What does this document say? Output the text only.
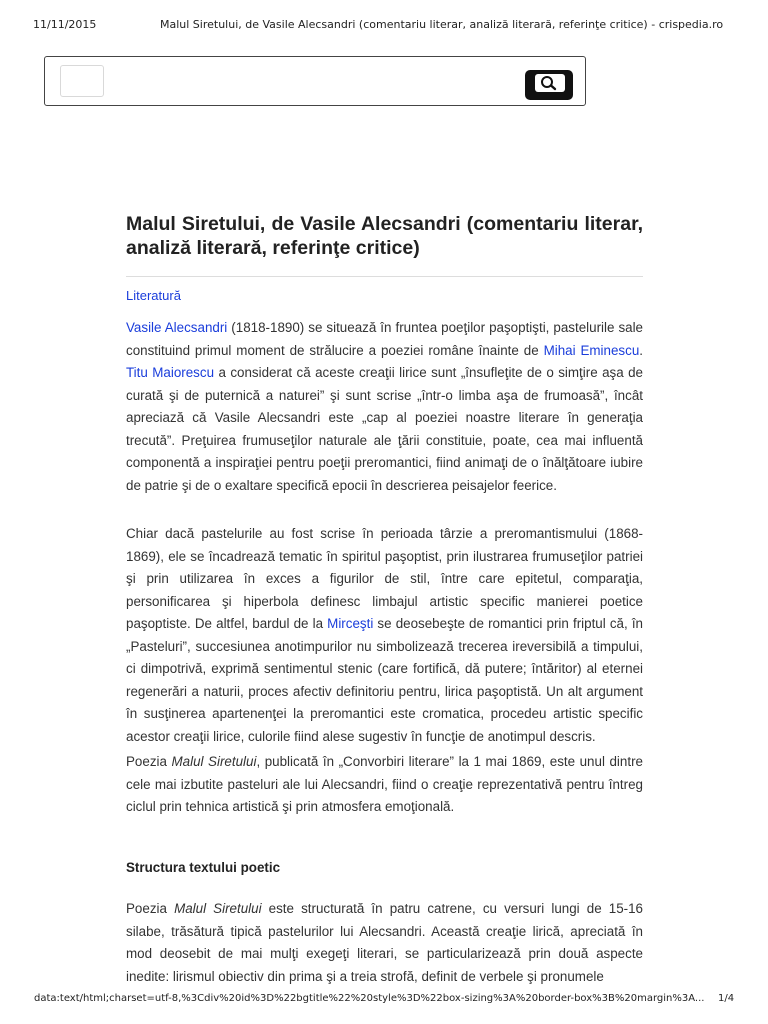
11/11/2015	Malul Siretului, de Vasile Alecsandri (comentariu literar, analiză literară, referinţe critice) - crispedia.ro
Malul Siretului, de Vasile Alecsandri (comentariu literar, analiză literară, referinţe critice)
Literatură

Vasile Alecsandri (1818-1890) se situează în fruntea poeţilor paşoptişti, pastelurile sale constituind primul moment de strălucire a poeziei române înainte de Mihai Eminescu. Titu Maiorescu a considerat că aceste creaţii lirice sunt „însufleţite de o simţire aşa de curată şi de puternică a naturei” şi sunt scrise „într-o limba aşa de frumoasă”, încât apreciază că Vasile Alecsandri este „cap al poeziei noastre literare în generaţia trecută”. Preţuirea frumuseţilor naturale ale ţării constituie, poate, cea mai influentă componentă a inspiraţiei pentru poeţii preromantici, fiind animaţi de o înălţătoare iubire de patrie şi de o exaltare specifică epocii în descrierea peisajelor feerice.

Chiar dacă pastelurile au fost scrise în perioada târzie a preromantismului (1868-1869), ele se încadrează tematic în spiritul paşoptist, prin ilustrarea frumuseţilor patriei şi prin utilizarea în exces a figurilor de stil, între care epitetul, comparaţia, personificarea şi hiperbola definesc limbajul artistic specific manierei poetice paşoptiste. De altfel, bardul de la Mirceşti se deosebeşte de romantici prin friptul că, în „Pasteluri”, succesiunea anotimpurilor nu simbolizează trecerea ireversibilă a timpului, ci dimpotrivă, exprimă sentimentul stenic (care fortifică, dă putere; întăritor) al eternei regenerări a naturii, proces afectiv definitoriu pentru, lirica paşoptistă. Un alt argument în susţinerea apartenenţei la preromantici este cromatica, procedeu artistic specific acestor creaţii lirice, culorile fiind alese sugestiv în funcţie de anotimpul descris.

Poezia Malul Siretului, publicată în „Convorbiri literare” la 1 mai 1869, este unul dintre cele mai izbutite pasteluri ale lui Alecsandri, fiind o creaţie reprezentativă pentru întreg ciclul prin tehnica artistică şi prin atmosfera emoţională.

Structura textului poetic

Poezia Malul Siretului este structurată în patru catrene, cu versuri lungi de 15-16 silabe, trăsătură tipică pastelurilor lui Alecsandri. Această creaţie lirică, apreciată în mod deosebit de mai mulţi exegeţi literari, se particularizează prin două aspecte inedite: lirismul obiectiv din prima şi a treia strofă, definit de verbele şi pronumele

data:text/html;charset=utf-8,%3Cdiv%20id%3D%22bgtitle%22%20style%3D%22box-sizing%3A%20border-box%3B%20margin%3A... 1/4
